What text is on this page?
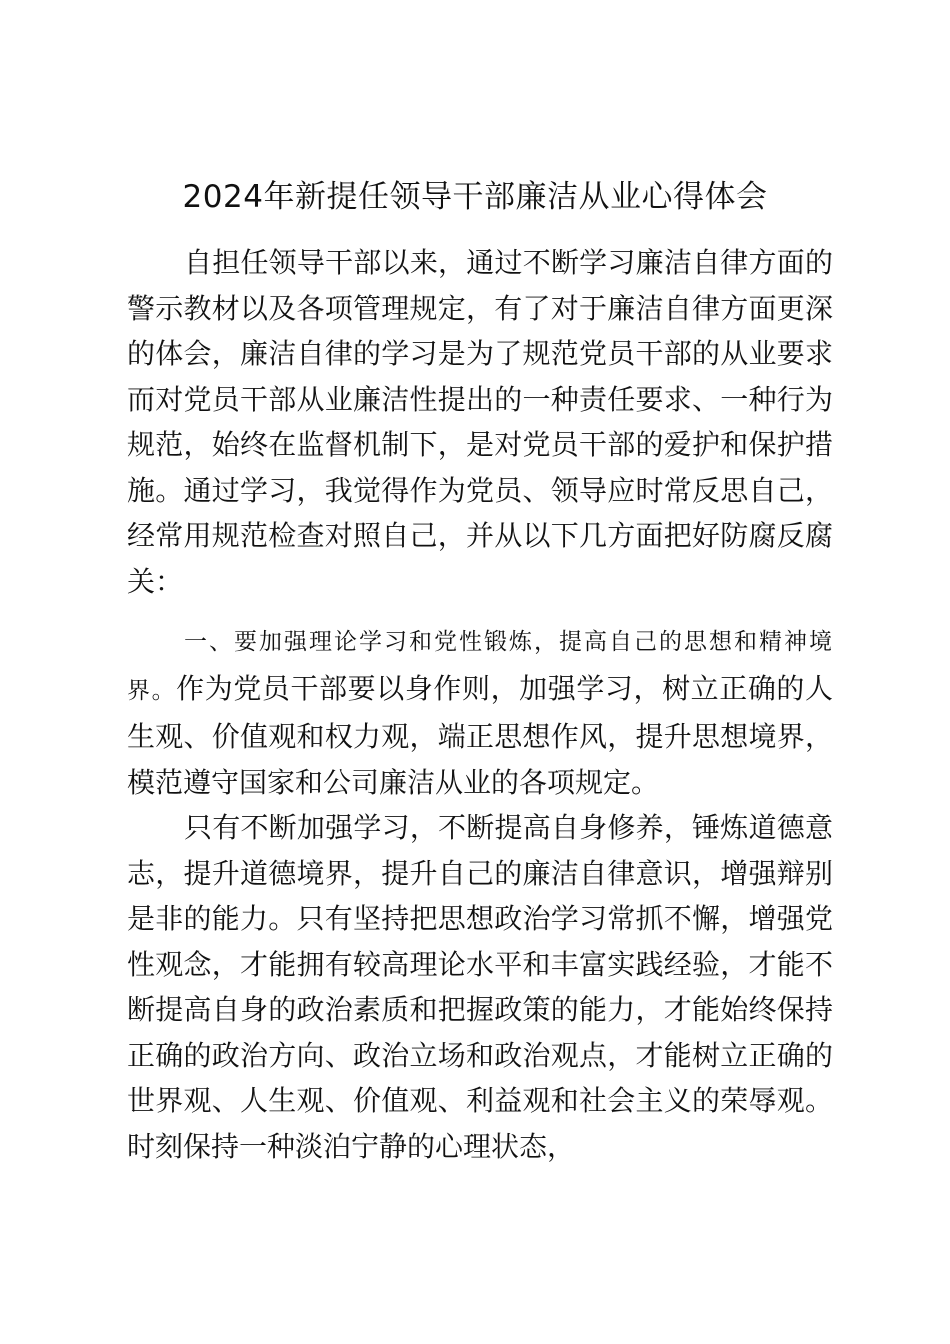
2024年新提任领导干部廉洁从业心得体会

自担任领导干部以来，通过不断学习廉洁自律方面的警示教材以及各项管理规定，有了对于廉洁自律方面更深的体会，廉洁自律的学习是为了规范党员干部的从业要求而对党员干部从业廉洁性提出的一种责任要求、一种行为规范，始终在监督机制下，是对党员干部的爱护和保护措施。通过学习，我觉得作为党员、领导应时常反思自己，经常用规范检查对照自己，并从以下几方面把好防腐反腐关：

一、要加强理论学习和党性锻炼，提高自己的思想和精神境界。作为党员干部要以身作则，加强学习，树立正确的人生观、价值观和权力观，端正思想作风，提升思想境界，模范遵守国家和公司廉洁从业的各项规定。

只有不断加强学习，不断提高自身修养，锤炼道德意志，提升道德境界，提升自己的廉洁自律意识，增强辩别是非的能力。只有坚持把思想政治学习常抓不懈，增强党性观念，才能拥有较高理论水平和丰富实践经验，才能不断提高自身的政治素质和把握政策的能力，才能始终保持正确的政治方向、政治立场和政治观点，才能树立正确的世界观、人生观、价值观、利益观和社会主义的荣辱观。时刻保持一种淡泊宁静的心理状态，
